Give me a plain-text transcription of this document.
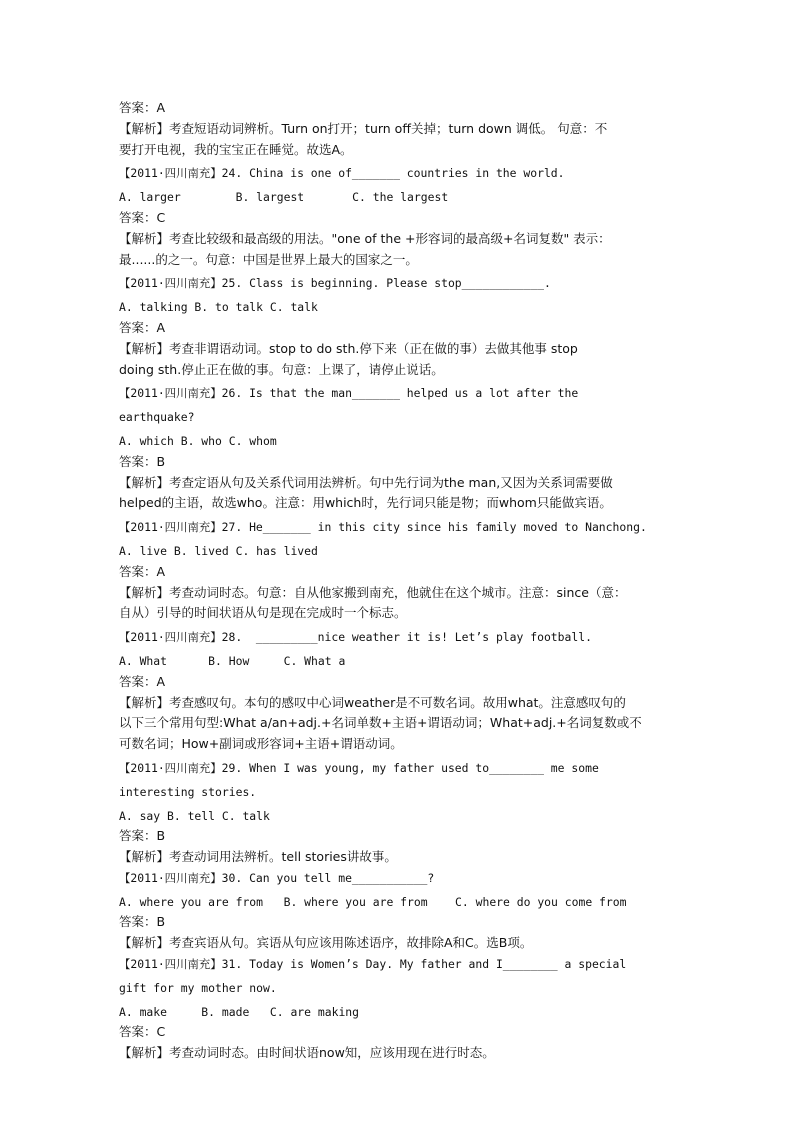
答案：A
【解析】考查短语动词辨析。Turn on打开；turn off关掉；turn down 调低。 句意：不
要打开电视，我的宝宝正在睡觉。故选A。
【2011·四川南充】24. China is one of_______ countries in the world.
A. larger        B. largest       C. the largest
答案：C
【解析】考查比较级和最高级的用法。"one of the +形容词的最高级+名词复数" 表示：
最......的之一。句意：中国是世界上最大的国家之一。
【2011·四川南充】25. Class is beginning. Please stop____________.
A. talking B. to talk C. talk
答案：A
【解析】考查非谓语动词。stop to do sth.停下来（正在做的事）去做其他事 stop
doing sth.停止正在做的事。句意：上课了，请停止说话。
【2011·四川南充】26. Is that the man_______ helped us a lot after the
earthquake?
A. which B. who C. whom
答案：B
【解析】考查定语从句及关系代词用法辨析。句中先行词为the man,又因为关系词需要做
helped的主语，故选who。注意：用which时，先行词只能是物；而whom只能做宾语。
【2011·四川南充】27. He_______ in this city since his family moved to Nanchong.
A. live B. lived C. has lived
答案：A
【解析】考查动词时态。句意：自从他家搬到南充，他就住在这个城市。注意：since（意：
自从）引导的时间状语从句是现在完成时一个标志。
【2011·四川南充】28.  _________nice weather it is! Let’s play football.
A. What      B. How     C. What a
答案：A
【解析】考查感叹句。本句的感叹中心词weather是不可数名词。故用what。注意感叹句的
以下三个常用句型:What a/an+adj.+名词单数+主语+谓语动词；What+adj.+名词复数或不
可数名词；How+副词或形容词+主语+谓语动词。
【2011·四川南充】29. When I was young, my father used to________ me some
interesting stories.
A. say B. tell C. talk
答案：B
【解析】考查动词用法辨析。tell stories讲故事。
【2011·四川南充】30. Can you tell me___________?
A. where you are from   B. where you are from    C. where do you come from
答案：B
【解析】考查宾语从句。宾语从句应该用陈述语序，故排除A和C。选B项。
【2011·四川南充】31. Today is Women’s Day. My father and I________ a special
gift for my mother now.
A. make     B. made   C. are making
答案：C
【解析】考查动词时态。由时间状语now知，应该用现在进行时态。
